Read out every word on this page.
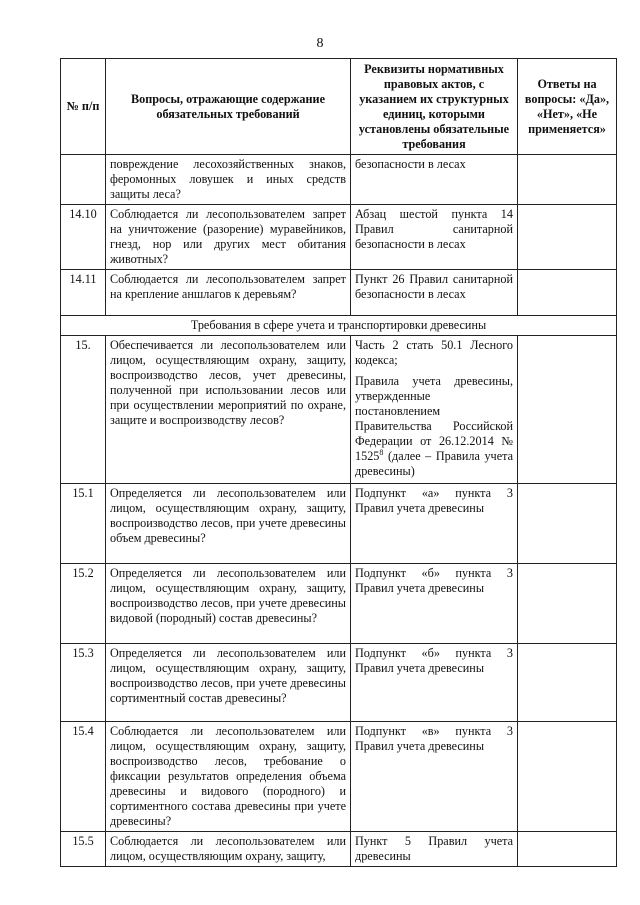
8
№ п/п	Вопросы, отражающие содержание обязательных требований	Реквизиты нормативных правовых актов, с указанием их структурных единиц, которыми установлены обязательные требования	Ответы на вопросы: «Да», «Нет», «Не применяется»
	повреждение лесохозяйственных знаков, феромонных ловушек и иных средств защиты леса?	безопасности в лесах	
14.10	Соблюдается ли лесопользователем запрет на уничтожение (разорение) муравейников, гнезд, нор или других мест обитания животных?	Абзац шестой пункта 14 Правил санитарной безопасности в лесах	
14.11	Соблюдается ли лесопользователем запрет на крепление аншлагов к деревьям?	Пункт 26 Правил санитарной безопасности в лесах	
Требования в сфере учета и транспортировки древесины			
15.	Обеспечивается ли лесопользователем или лицом, осуществляющим охрану, защиту, воспроизводство лесов, учет древесины, полученной при использовании лесов или при осуществлении мероприятий по охране, защите и воспроизводству лесов?	Часть 2 стать 50.1 Лесного кодекса;

Правила учета древесины, утвержденные постановлением Правительства Российской Федерации от 26.12.2014 № 1525$^8$ (далее – Правила учета древесины)	

15.1	Определяется ли лесопользователем или лицом, осуществляющим охрану, защиту, воспроизводство лесов, при учете древесины объем древесины?	Подпункт «а» пункта 3 Правил учета древесины	
15.2	Определяется ли лесопользователем или лицом, осуществляющим охрану, защиту, воспроизводство лесов, при учете древесины видовой (породный) состав древесины?	Подпункт «б» пункта 3 Правил учета древесины	
15.3	Определяется ли лесопользователем или лицом, осуществляющим охрану, защиту, воспроизводство лесов, при учете древесины сортиментный состав древесины?	Подпункт «б» пункта 3 Правил учета древесины	
15.4	Соблюдается ли лесопользователем или лицом, осуществляющим охрану, защиту, воспроизводство лесов, требование о фиксации результатов определения объема древесины и видового (породного) и сортиментного состава древесины при учете древесины?	Подпункт «в» пункта 3 Правил учета древесины	
15.5	Соблюдается ли лесопользователем или лицом, осуществляющим охрану, защиту,	Пункт 5 Правил учета древесины	
